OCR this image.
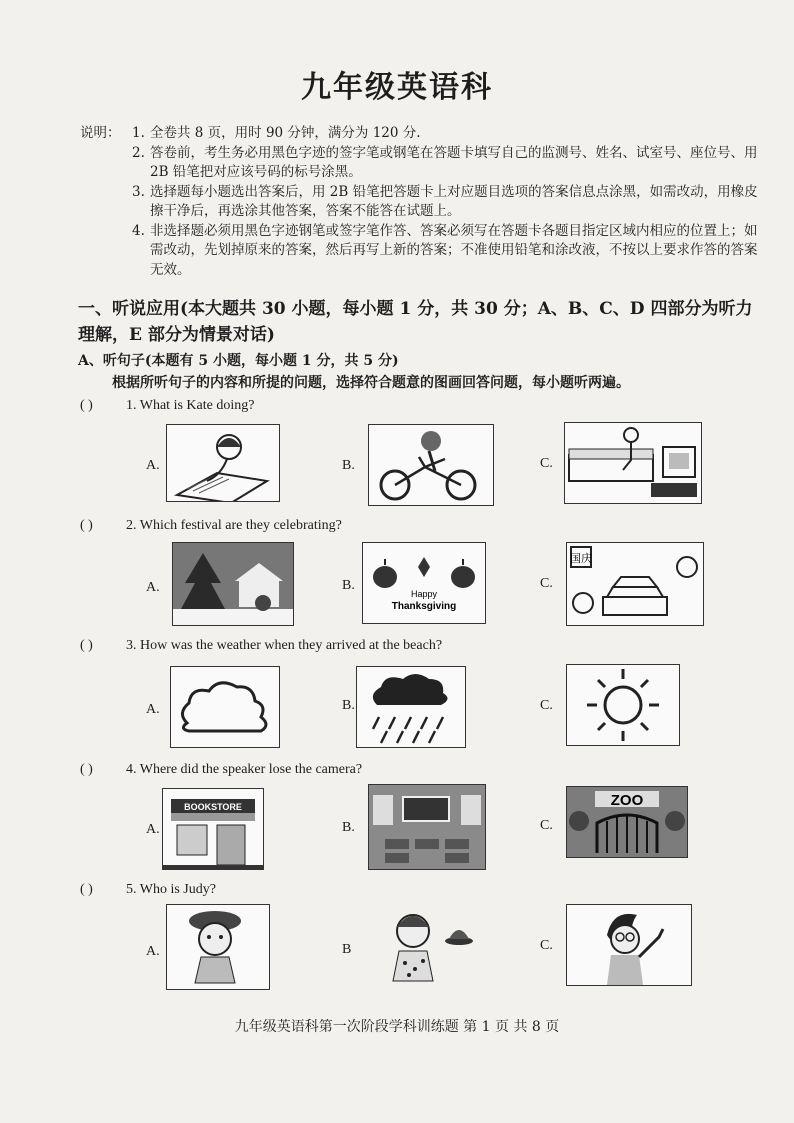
九年级英语科
说明： 1. 全卷共 8 页，用时 90 分钟，满分为 120 分.
2. 答卷前，考生务必用黑色字迹的签字笔或钢笔在答题卡填写自己的监测号、姓名、试室号、座位号、用 2B 铅笔把对应该号码的标号涂黑。
3. 选择题每小题选出答案后，用 2B 铅笔把答题卡上对应题目选项的答案信息点涂黑，如需改动，用橡皮擦干净后，再选涂其他答案，答案不能答在试题上。
4. 非选择题必须用黑色字迹钢笔或签字笔作答、答案必须写在答题卡各题目指定区域内相应的位置上；如需改动，先划掉原来的答案，然后再写上新的答案；不准使用铅笔和涂改液，不按以上要求作答的答案无效。
一、听说应用(本大题共 30 小题，每小题 1 分，共 30 分；A、B、C、D 四部分为听力理解，E 部分为情景对话)
A、听句子(本题有 5 小题，每小题 1 分，共 5 分)
根据所听句子的内容和所提的问题，选择符合题意的图画回答问题，每小题听两遍。
( ) 1. What is Kate doing?
A.	B.	C.
( ) 2. Which festival are they celebrating?
A.	B.
Happy
Thanksgiving
C.
国庆
( ) 3. How was the weather when they arrived at the beach?
A.	B.	C.
( ) 4. Where did the speaker lose the camera?
A.
BOOKSTORE
B.	C.
ZOO
( ) 5. Who is Judy?
A.	B	C.
九年级英语科第一次阶段学科训练题 第 1 页 共 8 页
